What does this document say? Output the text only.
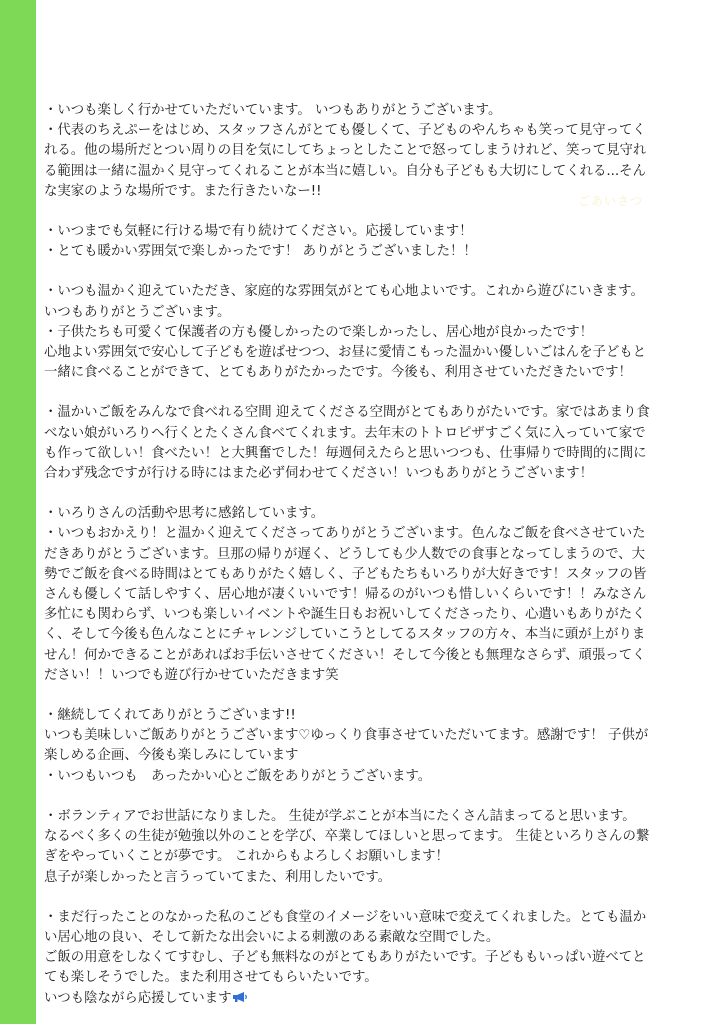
ごあいさつ
・いつも楽しく行かせていただいています。 いつもありがとうございます。
・代表のちえぷーをはじめ、スタッフさんがとても優しくて、子どものやんちゃも笑って見守ってく
れる。他の場所だとつい周りの目を気にしてちょっとしたことで怒ってしまうけれど、笑って見守れ
る範囲は一緒に温かく見守ってくれることが本当に嬉しい。自分も子どもも大切にしてくれる...そん
な実家のような場所です。また行きたいなー!!
・いつまでも気軽に行ける場で有り続けてください。応援しています！
・とても暖かい雰囲気で楽しかったです！ ありがとうございました！！
・いつも温かく迎えていただき、家庭的な雰囲気がとても心地よいです。これから遊びにいきます。
いつもありがとうございます。
・子供たちも可愛くて保護者の方も優しかったので楽しかったし、居心地が良かったです！
心地よい雰囲気で安心して子どもを遊ばせつつ、お昼に愛情こもった温かい優しいごはんを子どもと
一緒に食べることができて、とてもありがたかったです。今後も、利用させていただきたいです！
・温かいご飯をみんなで食べれる空間 迎えてくださる空間がとてもありがたいです。家ではあまり食
べない娘がいろりへ行くとたくさん食べてくれます。去年末のトトロピザすごく気に入っていて家で
も作って欲しい！食べたい！と大興奮でした！毎週伺えたらと思いつつも、仕事帰りで時間的に間に
合わず残念ですが行ける時にはまた必ず伺わせてください！いつもありがとうございます！
・いろりさんの活動や思考に感銘しています。
・いつもおかえり！と温かく迎えてくださってありがとうございます。色んなご飯を食べさせていた
だきありがとうございます。旦那の帰りが遅く、どうしても少人数での食事となってしまうので、大
勢でご飯を食べる時間はとてもありがたく嬉しく、子どもたちもいろりが大好きです！スタッフの皆
さんも優しくて話しやすく、居心地が凄くいいです！帰るのがいつも惜しいくらいです！！みなさん
多忙にも関わらず、いつも楽しいイベントや誕生日もお祝いしてくださったり、心遣いもありがたく
く、そして今後も色んなことにチャレンジしていこうとしてるスタッフの方々、本当に頭が上がりま
せん！何かできることがあればお手伝いさせてください！そして今後とも無理なさらず、頑張ってく
ださい！！いつでも遊び行かせていただきます笑
・継続してくれてありがとうございます!!
いつも美味しいご飯ありがとうございます♡ゆっくり食事させていただいてます。感謝です！ 子供が
楽しめる企画、今後も楽しみにしています
・いつもいつも　あったかい心とご飯をありがとうございます。
・ボランティアでお世話になりました。 生徒が学ぶことが本当にたくさん詰まってると思います。
なるべく多くの生徒が勉強以外のことを学び、卒業してほしいと思ってます。 生徒といろりさんの繋
ぎをやっていくことが夢です。 これからもよろしくお願いします！
息子が楽しかったと言うっていてまた、利用したいです。
・まだ行ったことのなかった私のこども食堂のイメージをいい意味で変えてくれました。とても温か
い居心地の良い、そして新たな出会いによる刺激のある素敵な空間でした。
ご飯の用意をしなくてすむし、子ども無料なのがとてもありがたいです。子どももいっぱい遊べてと
ても楽しそうでした。また利用させてもらいたいです。
いつも陰ながら応援しています
